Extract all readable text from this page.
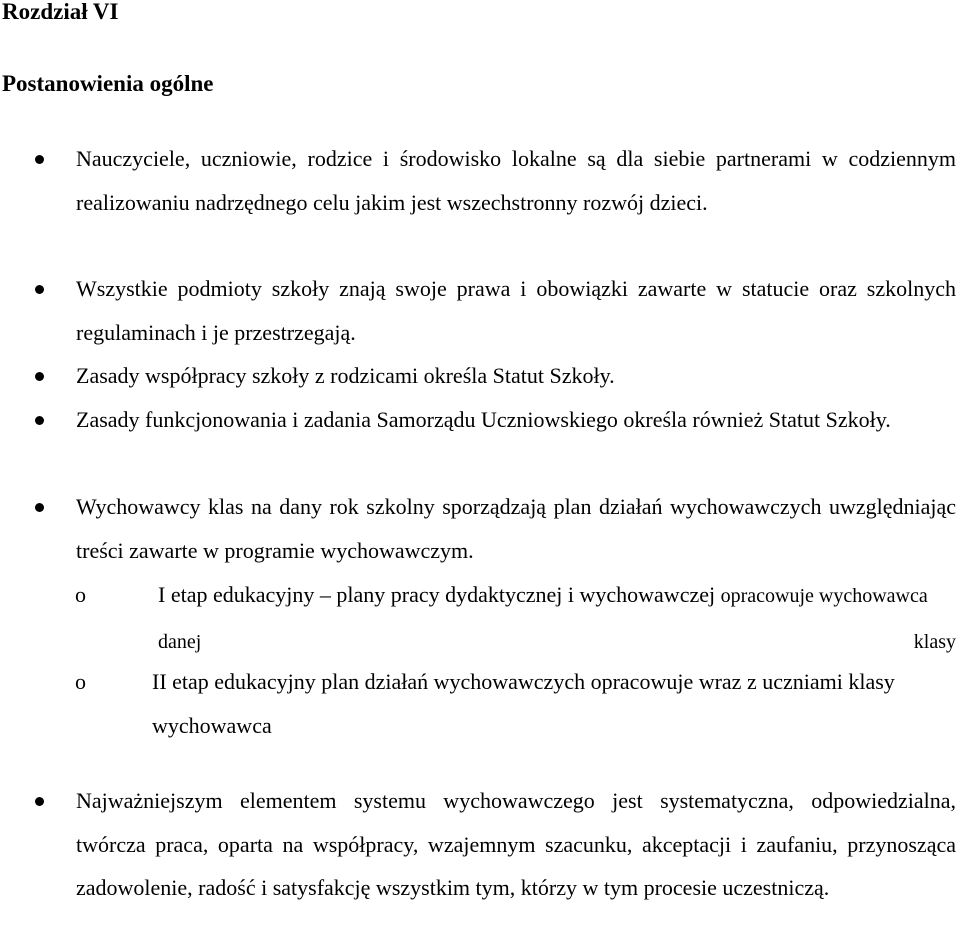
Rozdział VI
Postanowienia ogólne

Nauczyciele, uczniowie, rodzice i środowisko lokalne są dla siebie partnerami w codziennym realizowaniu nadrzędnego celu jakim jest wszechstronny rozwój dzieci.

Wszystkie podmioty szkoły znają swoje prawa i obowiązki zawarte w statucie oraz szkolnych regulaminach i je przestrzegają.

Zasady współpracy szkoły z rodzicami określa Statut Szkoły.

Zasady funkcjonowania i zadania Samorządu Uczniowskiego określa również Statut Szkoły.

Wychowawcy klas na dany rok szkolny sporządzają plan działań wychowawczych uwzględniając treści zawarte w programie wychowawczym.

o	I etap edukacyjny – plany pracy dydaktycznej i wychowawczej opracowuje wychowawca danej klasy

o	II etap edukacyjny plan działań wychowawczych opracowuje wraz z uczniami klasy wychowawca

Najważniejszym elementem systemu wychowawczego jest systematyczna, odpowiedzialna, twórcza praca, oparta na współpracy, wzajemnym szacunku, akceptacji i zaufaniu, przynosząca zadowolenie, radość i satysfakcję wszystkim tym, którzy w tym procesie uczestniczą.
